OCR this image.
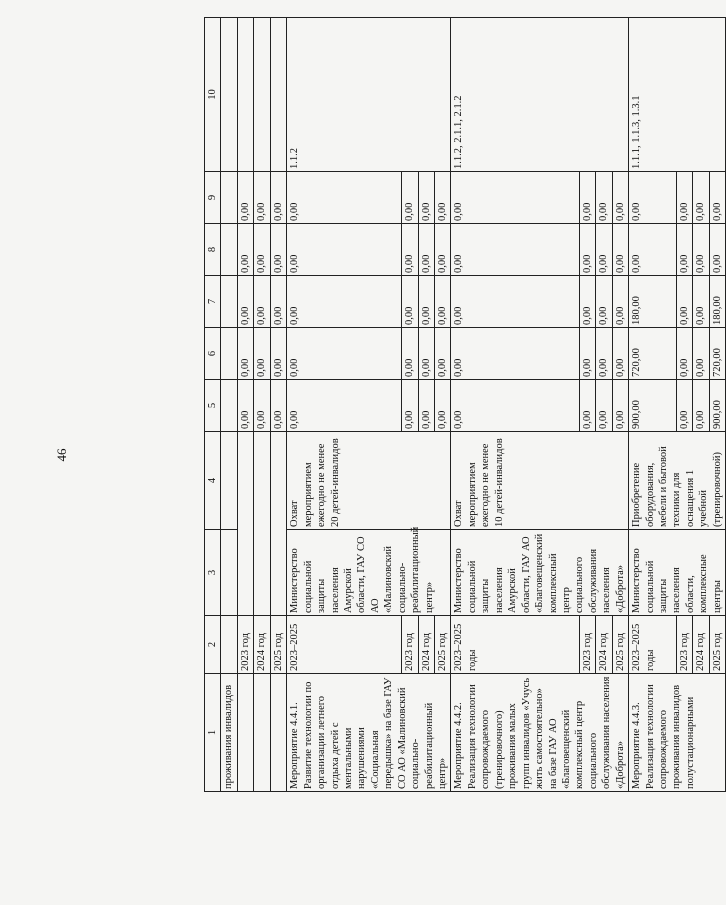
46
1	2	3	4	5	6	7	8	9	10
проживания инвалидов									
	2023 год			0,00	0,00	0,00	0,00	0,00	
	2024 год			0,00	0,00	0,00	0,00	0,00	
	2025 год			0,00	0,00	0,00	0,00	0,00	
Мероприятие 4.4.1. Развитие технологии по организации летнего отдыха детей с ментальными нарушениями «Социальная передышка» на базе ГАУ СО АО «Малиновский социально-реабилитационный центр»	2023–2025	Министерство социальной защиты населения Амурской области, ГАУ СО АО «Малиновский социально-реабилитационный центр»	Охват мероприятием ежегодно не менее 20 детей-инвалидов	0,00	0,00	0,00	0,00	0,00	1.1.2
	2023 год			0,00	0,00	0,00	0,00	0,00	
	2024 год			0,00	0,00	0,00	0,00	0,00	
	2025 год			0,00	0,00	0,00	0,00	0,00	
Мероприятие 4.4.2. Реализация технологии сопровождаемого (тренировочного) проживания малых групп инвалидов «Учусь жить самостоятельно» на базе ГАУ АО «Благовещенский комплексный центр социального обслуживания населения «Доброта»	2023–2025 годы	Министерство социальной защиты населения Амурской области, ГАУ АО «Благовещенский комплексный центр социального обслуживания населения «Доброта»	Охват мероприятием ежегодно не менее 10 детей-инвалидов	0,00	0,00	0,00	0,00	0,00	1.1.2, 2.1.1, 2.1.2
	2023 год			0,00	0,00	0,00	0,00	0,00	
	2024 год			0,00	0,00	0,00	0,00	0,00	
	2025 год			0,00	0,00	0,00	0,00	0,00	
Мероприятие 4.4.3. Реализация технологии сопровождаемого проживания инвалидов полустационарными	2023–2025 годы	Министерство социальной защиты населения области, комплексные центры	Приобретение оборудования, мебели и бытовой техники для оснащения 1 учебной (тренировочной)	900,00	720,00	180,00	0,00	0,00	1.1.1, 1.1.3, 1.3.1
	2023 год			0,00	0,00	0,00	0,00	0,00	
	2024 год			0,00	0,00	0,00	0,00	0,00	
	2025 год			900,00	720,00	180,00	0,00	0,00	
